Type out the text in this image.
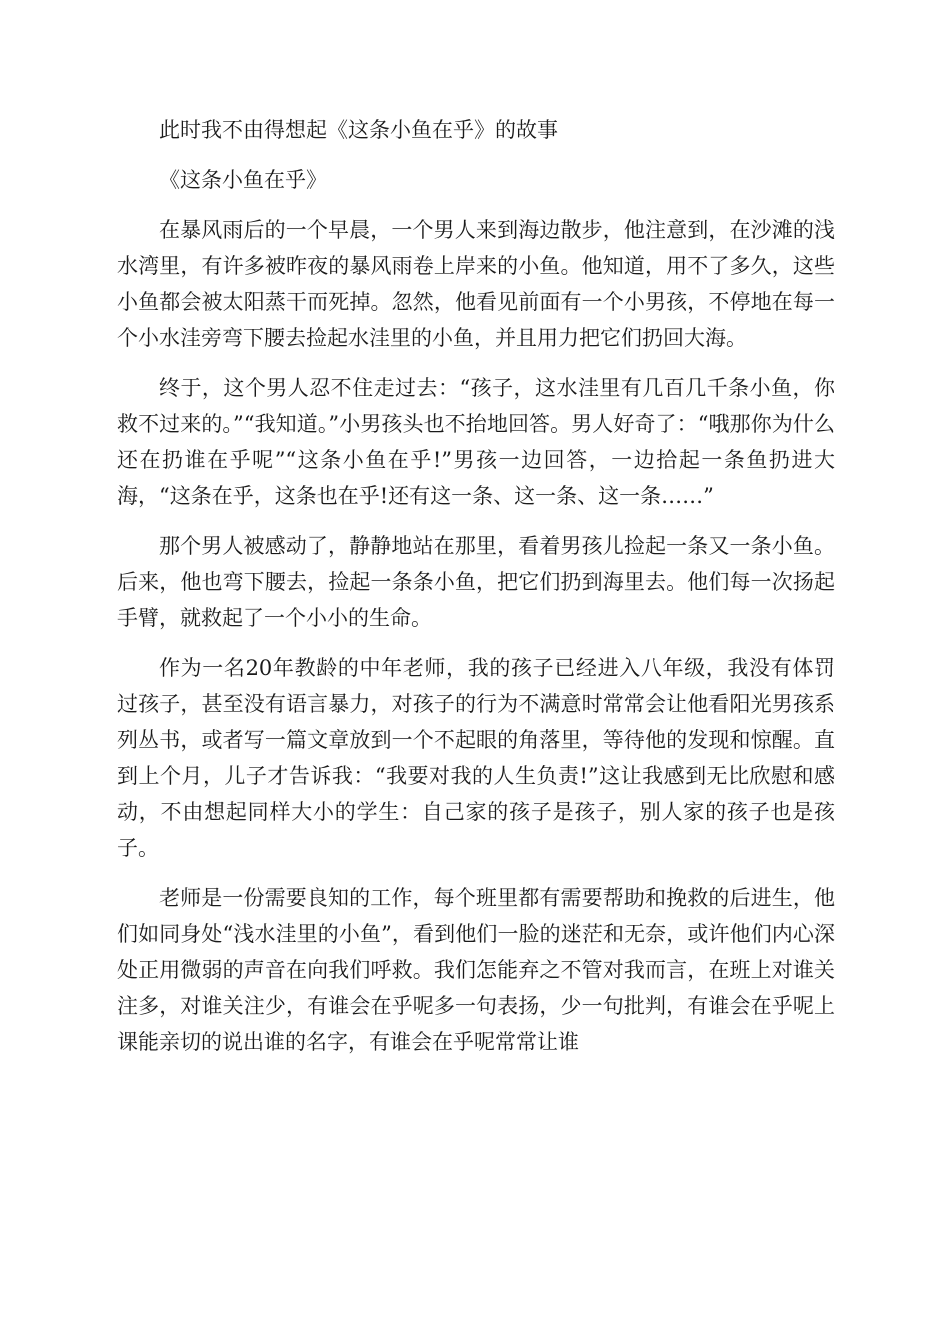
此时我不由得想起《这条小鱼在乎》的故事

《这条小鱼在乎》

在暴风雨后的一个早晨，一个男人来到海边散步，他注意到，在沙滩的浅水湾里，有许多被昨夜的暴风雨卷上岸来的小鱼。他知道，用不了多久，这些小鱼都会被太阳蒸干而死掉。忽然，他看见前面有一个小男孩，不停地在每一个小水洼旁弯下腰去捡起水洼里的小鱼，并且用力把它们扔回大海。

终于，这个男人忍不住走过去：“孩子，这水洼里有几百几千条小鱼，你救不过来的。”“我知道。”小男孩头也不抬地回答。男人好奇了：“哦那你为什么还在扔谁在乎呢”“这条小鱼在乎!”男孩一边回答，一边拾起一条鱼扔进大海，“这条在乎，这条也在乎!还有这一条、这一条、这一条……”

那个男人被感动了，静静地站在那里，看着男孩儿捡起一条又一条小鱼。后来，他也弯下腰去，捡起一条条小鱼，把它们扔到海里去。他们每一次扬起手臂，就救起了一个小小的生命。

作为一名20年教龄的中年老师，我的孩子已经进入八年级，我没有体罚过孩子，甚至没有语言暴力，对孩子的行为不满意时常常会让他看阳光男孩系列丛书，或者写一篇文章放到一个不起眼的角落里，等待他的发现和惊醒。直到上个月，儿子才告诉我：“我要对我的人生负责!”这让我感到无比欣慰和感动，不由想起同样大小的学生：自己家的孩子是孩子，别人家的孩子也是孩子。

老师是一份需要良知的工作，每个班里都有需要帮助和挽救的后进生，他们如同身处“浅水洼里的小鱼”，看到他们一脸的迷茫和无奈，或许他们内心深处正用微弱的声音在向我们呼救。我们怎能弃之不管对我而言，在班上对谁关注多，对谁关注少，有谁会在乎呢多一句表扬，少一句批判，有谁会在乎呢上课能亲切的说出谁的名字，有谁会在乎呢常常让谁
